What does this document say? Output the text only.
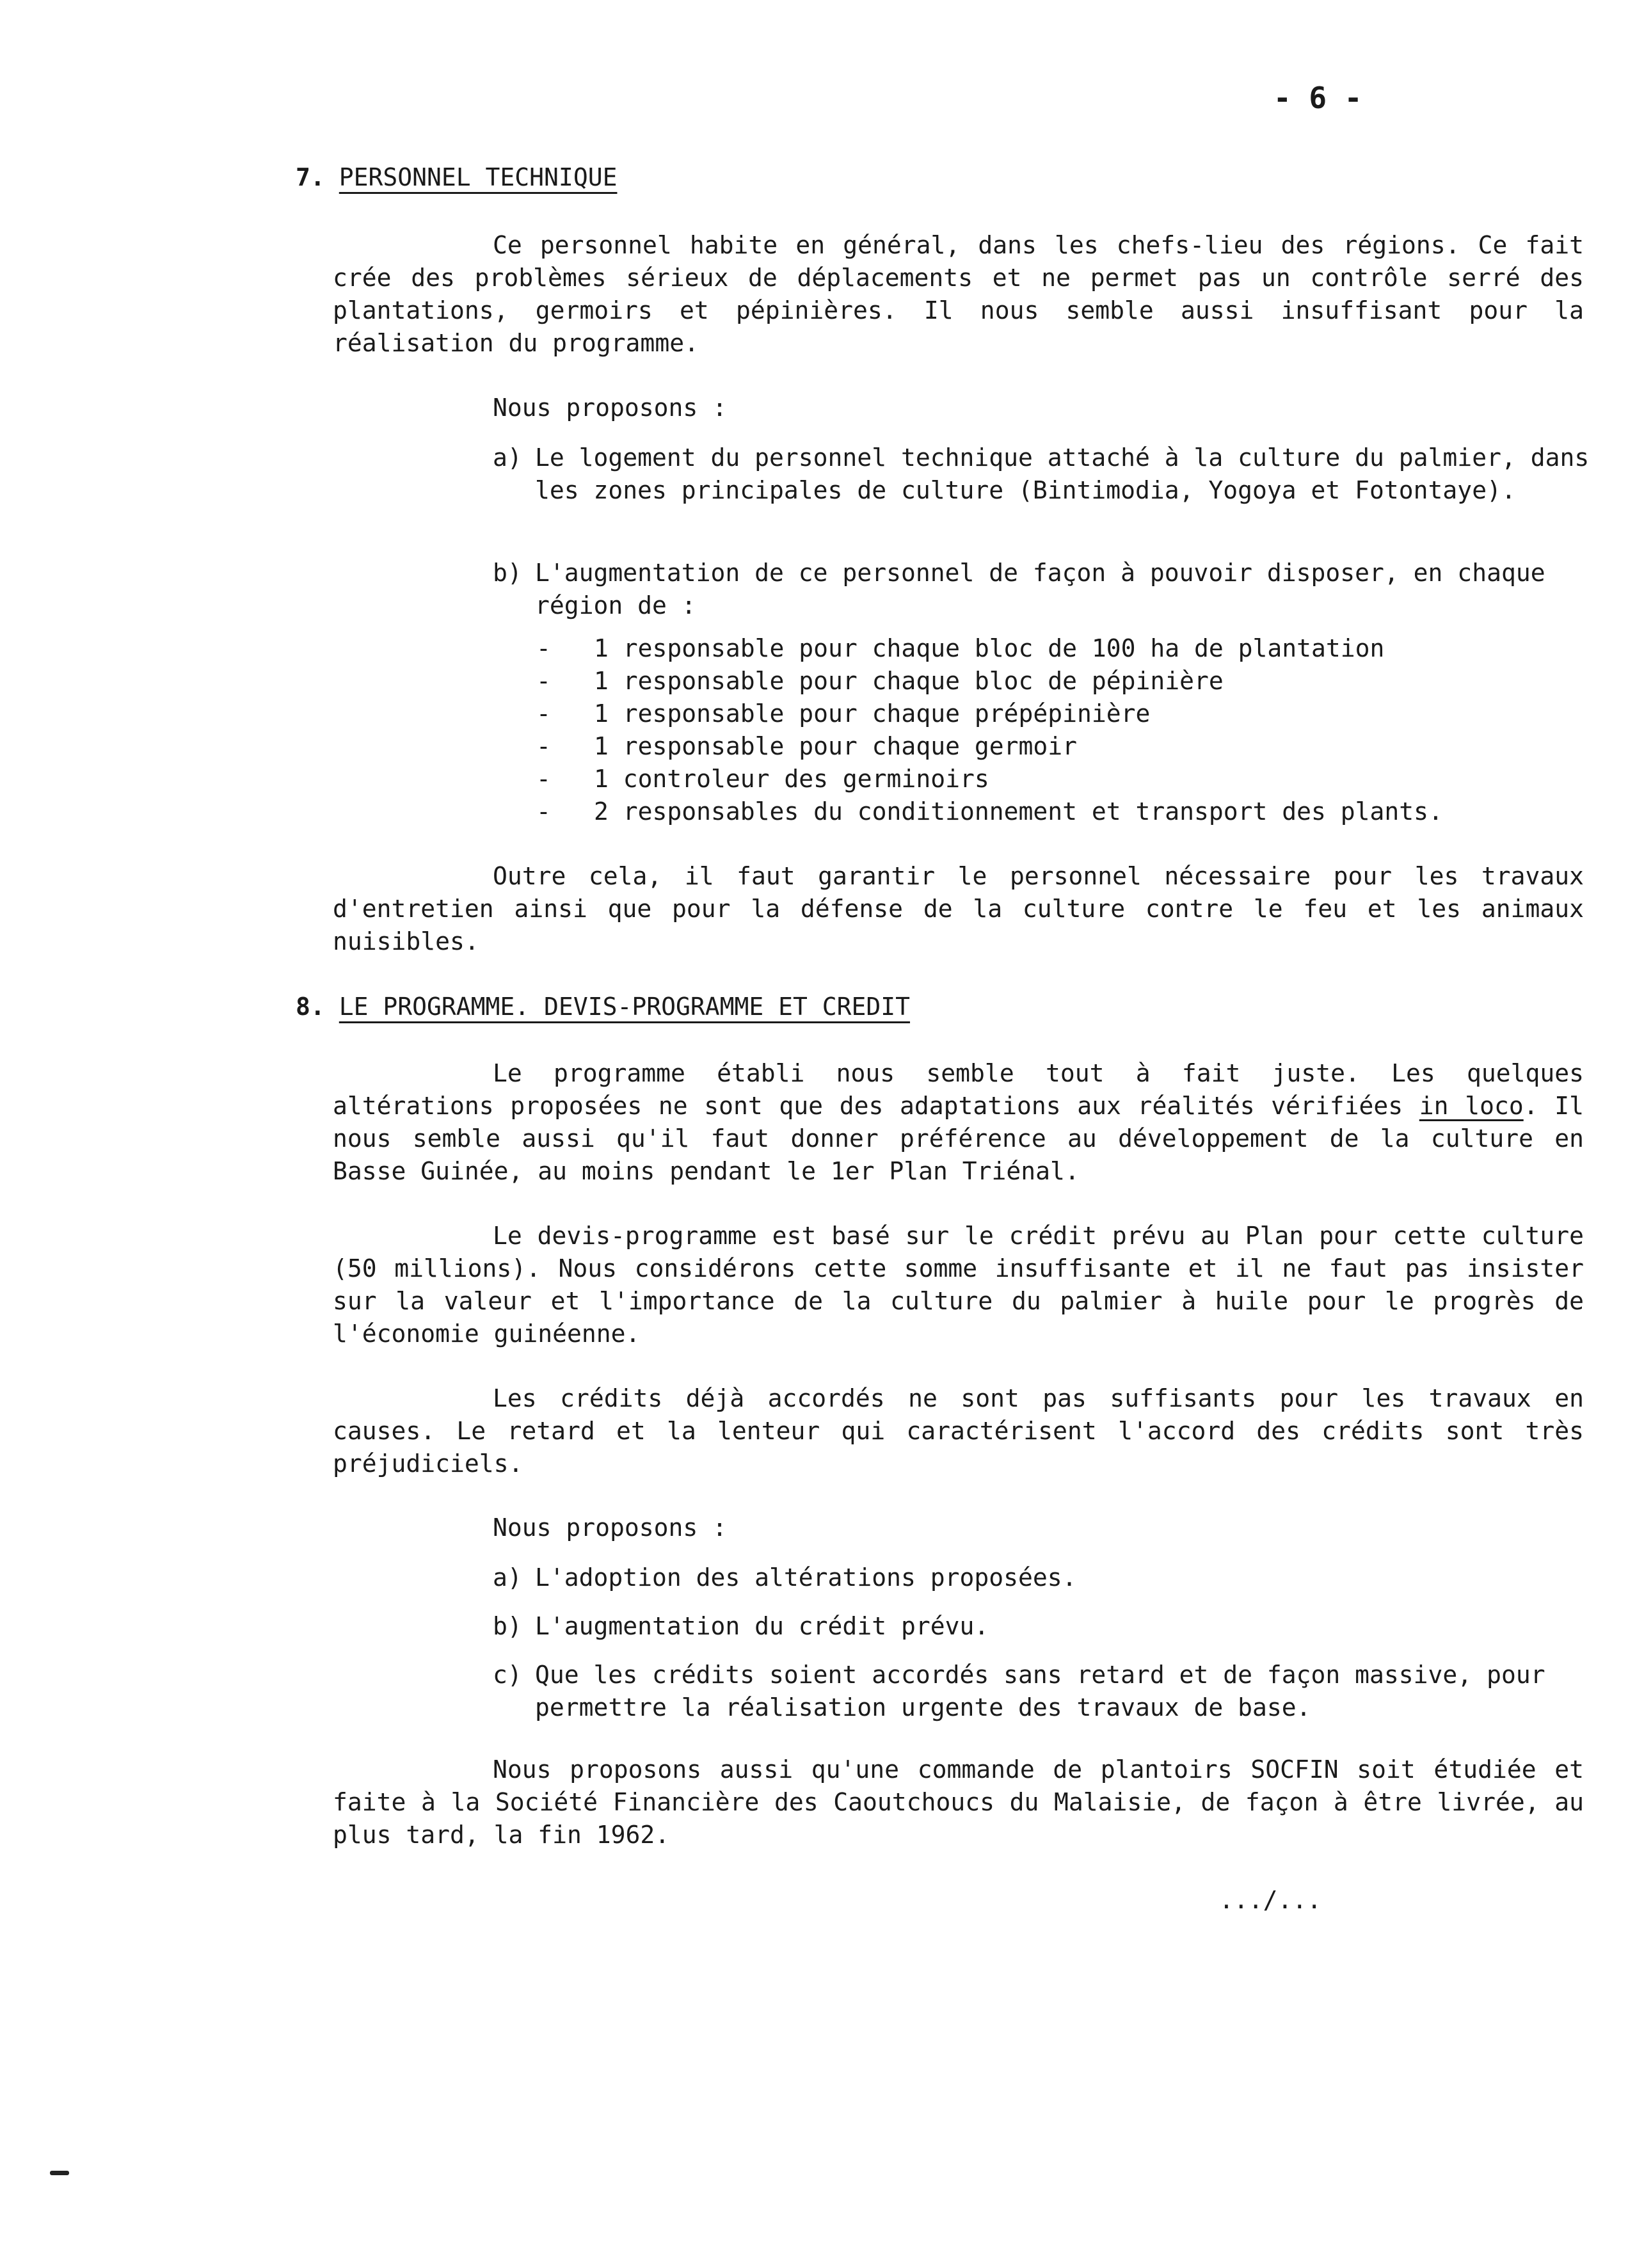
- 6 -
7. PERSONNEL TECHNIQUE
Ce personnel habite en général, dans les chefs-lieu des régions. Ce fait crée des problèmes sérieux de déplacements et ne permet pas un contrôle serré des plantations, germoirs et pépinières. Il nous semble aussi insuffisant pour la réalisation du programme.
Nous proposons :
a) Le logement du personnel technique attaché à la culture du palmier, dans les zones principales de culture (Bintimodia, Yogoya et Fotontaye).
b) L'augmentation de ce personnel de façon à pouvoir disposer, en chaque région de :
- 1 responsable pour chaque bloc de 100 ha de plantation
- 1 responsable pour chaque bloc de pépinière
- 1 responsable pour chaque prépépinière
- 1 responsable pour chaque germoir
- 1 controleur des germinoirs
- 2 responsables du conditionnement et transport des plants.
Outre cela, il faut garantir le personnel nécessaire pour les travaux d'entretien ainsi que pour la défense de la culture contre le feu et les animaux nuisibles.
8. LE PROGRAMME. DEVIS-PROGRAMME ET CREDIT
Le programme établi nous semble tout à fait juste. Les quelques altérations proposées ne sont que des adaptations aux réalités vérifiées in loco. Il nous semble aussi qu'il faut donner préférence au développement de la culture en Basse Guinée, au moins pendant le 1er Plan Triénal.
Le devis-programme est basé sur le crédit prévu au Plan pour cette culture (50 millions). Nous considérons cette somme insuffisante et il ne faut pas insister sur la valeur et l'importance de la culture du palmier à huile pour le progrès de l'économie guinéenne.
Les crédits déjà accordés ne sont pas suffisants pour les travaux en causes. Le retard et la lenteur qui caractérisent l'accord des crédits sont très préjudiciels.
Nous proposons :
a) L'adoption des altérations proposées.
b) L'augmentation du crédit prévu.
c) Que les crédits soient accordés sans retard et de façon massive, pour permettre la réalisation urgente des travaux de base.
Nous proposons aussi qu'une commande de plantoirs SOCFIN soit étudiée et faite à la Société Financière des Caoutchoucs du Malaisie, de façon à être livrée, au plus tard, la fin 1962.
.../...
